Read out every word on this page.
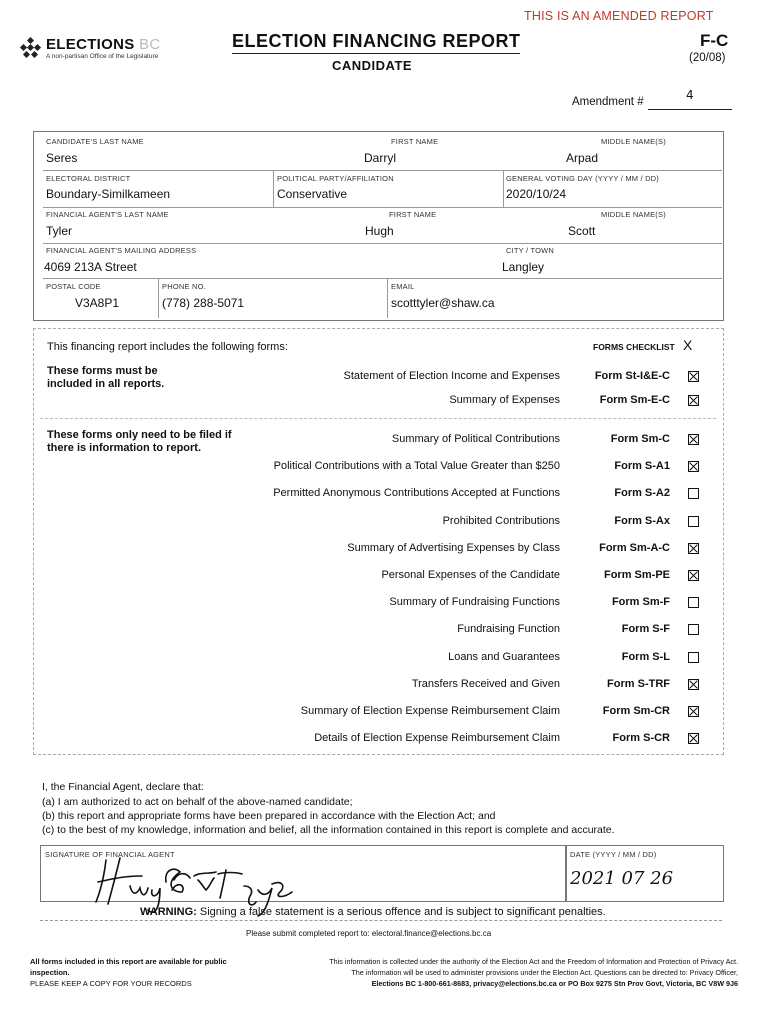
THIS IS AN AMENDED REPORT
ELECTIONS BC
A non-partisan Office of the Legislature
ELECTION FINANCING REPORT
CANDIDATE
F-C
(20/08)
Amendment #	4
CANDIDATE'S LAST NAME
Seres
FIRST NAME
Darryl
MIDDLE NAME(S)
Arpad
ELECTORAL DISTRICT
Boundary-Similkameen
POLITICAL PARTY/AFFILIATION
Conservative
GENERAL VOTING DAY (YYYY / MM / DD)
2020/10/24
FINANCIAL AGENT'S LAST NAME
Tyler
FIRST NAME
Hugh
MIDDLE NAME(S)
Scott
FINANCIAL AGENT'S MAILING ADDRESS
4069 213A Street
CITY / TOWN
Langley
POSTAL CODE
V3A8P1
PHONE NO.
(778) 288-5071
EMAIL
scotttyler@shaw.ca
This financing report includes the following forms:	FORMS CHECKLIST X
These forms must be included in all reports.
Statement of Election Income and Expenses	Form St-I&E-C
Summary of Expenses	Form Sm-E-C
These forms only need to be filed if there is information to report.
Summary of Political Contributions	Form Sm-C
Political Contributions with a Total Value Greater than $250	Form S-A1
Permitted Anonymous Contributions Accepted at Functions	Form S-A2
Prohibited Contributions	Form S-Ax
Summary of Advertising Expenses by Class	Form Sm-A-C
Personal Expenses of the Candidate	Form Sm-PE
Summary of Fundraising Functions	Form Sm-F
Fundraising Function	Form S-F
Loans and Guarantees	Form S-L
Transfers Received and Given	Form S-TRF
Summary of Election Expense Reimbursement Claim	Form Sm-CR
Details of Election Expense Reimbursement Claim	Form S-CR
I, the Financial Agent, declare that:
(a) I am authorized to act on behalf of the above-named candidate;
(b) this report and appropriate forms have been prepared in accordance with the Election Act; and
(c) to the best of my knowledge, information and belief, all the information contained in this report is complete and accurate.
SIGNATURE OF FINANCIAL AGENT	DATE (YYYY / MM / DD)
2021 07 26
WARNING: Signing a false statement is a serious offence and is subject to significant penalties.
Please submit completed report to: electoral.finance@elections.bc.ca
All forms included in this report are available for public inspection.
PLEASE KEEP A COPY FOR YOUR RECORDS
This information is collected under the authority of the Election Act and the Freedom of Information and Protection of Privacy Act.
The information will be used to administer provisions under the Election Act. Questions can be directed to: Privacy Officer,
Elections BC 1-800-661-8683, privacy@elections.bc.ca or PO Box 9275 Stn Prov Govt, Victoria, BC V8W 9J6
